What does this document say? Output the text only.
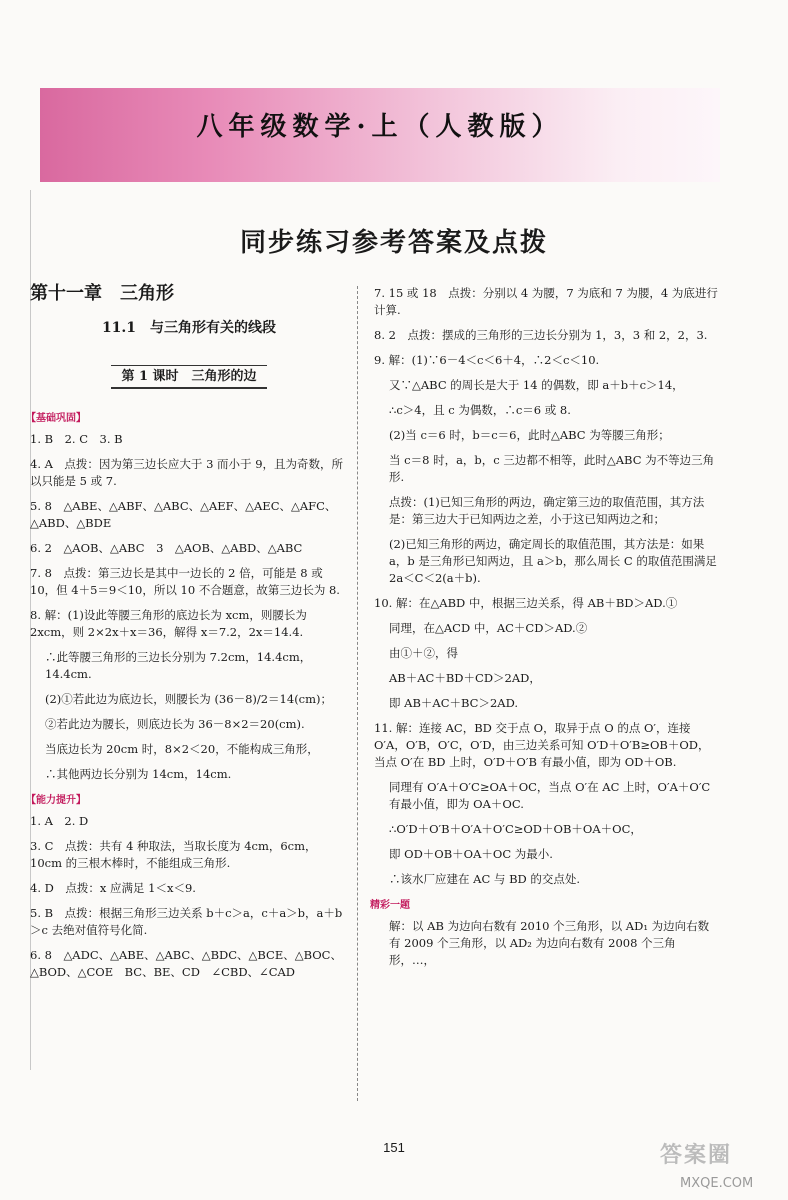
八年级数学·上（人教版）
同步练习参考答案及点拨
第十一章　三角形
11.1　与三角形有关的线段
第 1 课时　三角形的边
【基础巩固】
1. B　2. C　3. B
4. A　点拨：因为第三边长应大于 3 而小于 9，且为奇数，所以只能是 5 或 7.
5. 8　△ABE、△ABF、△ABC、△AEF、△AEC、△AFC、△ABD、△BDE
6. 2　△AOB、△ABC　3　△AOB、△ABD、△ABC
7. 8　点拨：第三边长是其中一边长的 2 倍，可能是 8 或 10，但 4＋5＝9＜10，所以 10 不合题意，故第三边长为 8.
8. 解：(1)设此等腰三角形的底边长为 xcm，则腰长为 2xcm，则 2×2x＋x＝36，解得 x＝7.2，2x＝14.4.
∴此等腰三角形的三边长分别为 7.2cm，14.4cm，14.4cm.
(2)①若此边为底边长，则腰长为 (36－8)/2＝14(cm)；
②若此边为腰长，则底边长为 36－8×2＝20(cm).
当底边长为 20cm 时，8×2＜20，不能构成三角形，
∴其他两边长分别为 14cm，14cm.
【能力提升】
1. A　2. D
3. C　点拨：共有 4 种取法，当取长度为 4cm，6cm，10cm 的三根木棒时，不能组成三角形.
4. D　点拨：x 应满足 1＜x＜9.
5. B　点拨：根据三角形三边关系 b＋c＞a，c＋a＞b，a＋b＞c 去绝对值符号化简.
6. 8　△ADC、△ABE、△ABC、△BDC、△BCE、△BOC、△BOD、△COE　BC、BE、CD　∠CBD、∠CAD
7. 15 或 18　点拨：分别以 4 为腰，7 为底和 7 为腰，4 为底进行计算.
8. 2　点拨：摆成的三角形的三边长分别为 1，3，3 和 2，2，3.
9. 解：(1)∵6－4＜c＜6＋4，∴2＜c＜10.
又∵△ABC 的周长是大于 14 的偶数，即 a＋b＋c＞14，
∴c＞4，且 c 为偶数，∴c＝6 或 8.
(2)当 c＝6 时，b＝c＝6，此时△ABC 为等腰三角形；
当 c＝8 时，a，b，c 三边都不相等，此时△ABC 为不等边三角形.
点拨：(1)已知三角形的两边，确定第三边的取值范围，其方法是：第三边大于已知两边之差，小于这已知两边之和；
(2)已知三角形的两边，确定周长的取值范围，其方法是：如果 a，b 是三角形已知两边，且 a＞b，那么周长 C 的取值范围满足 2a＜C＜2(a＋b).
10. 解：在△ABD 中，根据三边关系，得 AB＋BD＞AD.①
同理，在△ACD 中，AC＋CD＞AD.②
由①＋②，得
AB＋AC＋BD＋CD＞2AD，
即 AB＋AC＋BC＞2AD.
11. 解：连接 AC，BD 交于点 O，取异于点 O 的点 O′，连接 O′A，O′B，O′C，O′D，由三边关系可知 O′D＋O′B≥OB＋OD，当点 O′在 BD 上时，O′D＋O′B 有最小值，即为 OD＋OB.
同理有 O′A＋O′C≥OA＋OC，当点 O′在 AC 上时，O′A＋O′C 有最小值，即为 OA＋OC.
∴O′D＋O′B＋O′A＋O′C≥OD＋OB＋OA＋OC，
即 OD＋OB＋OA＋OC 为最小.
∴该水厂应建在 AC 与 BD 的交点处.
精彩一题
解：以 AB 为边向右数有 2010 个三角形，以 AD₁ 为边向右数有 2009 个三角形，以 AD₂ 为边向右数有 2008 个三角形，…，
151	答案圈
MXQE.COM
